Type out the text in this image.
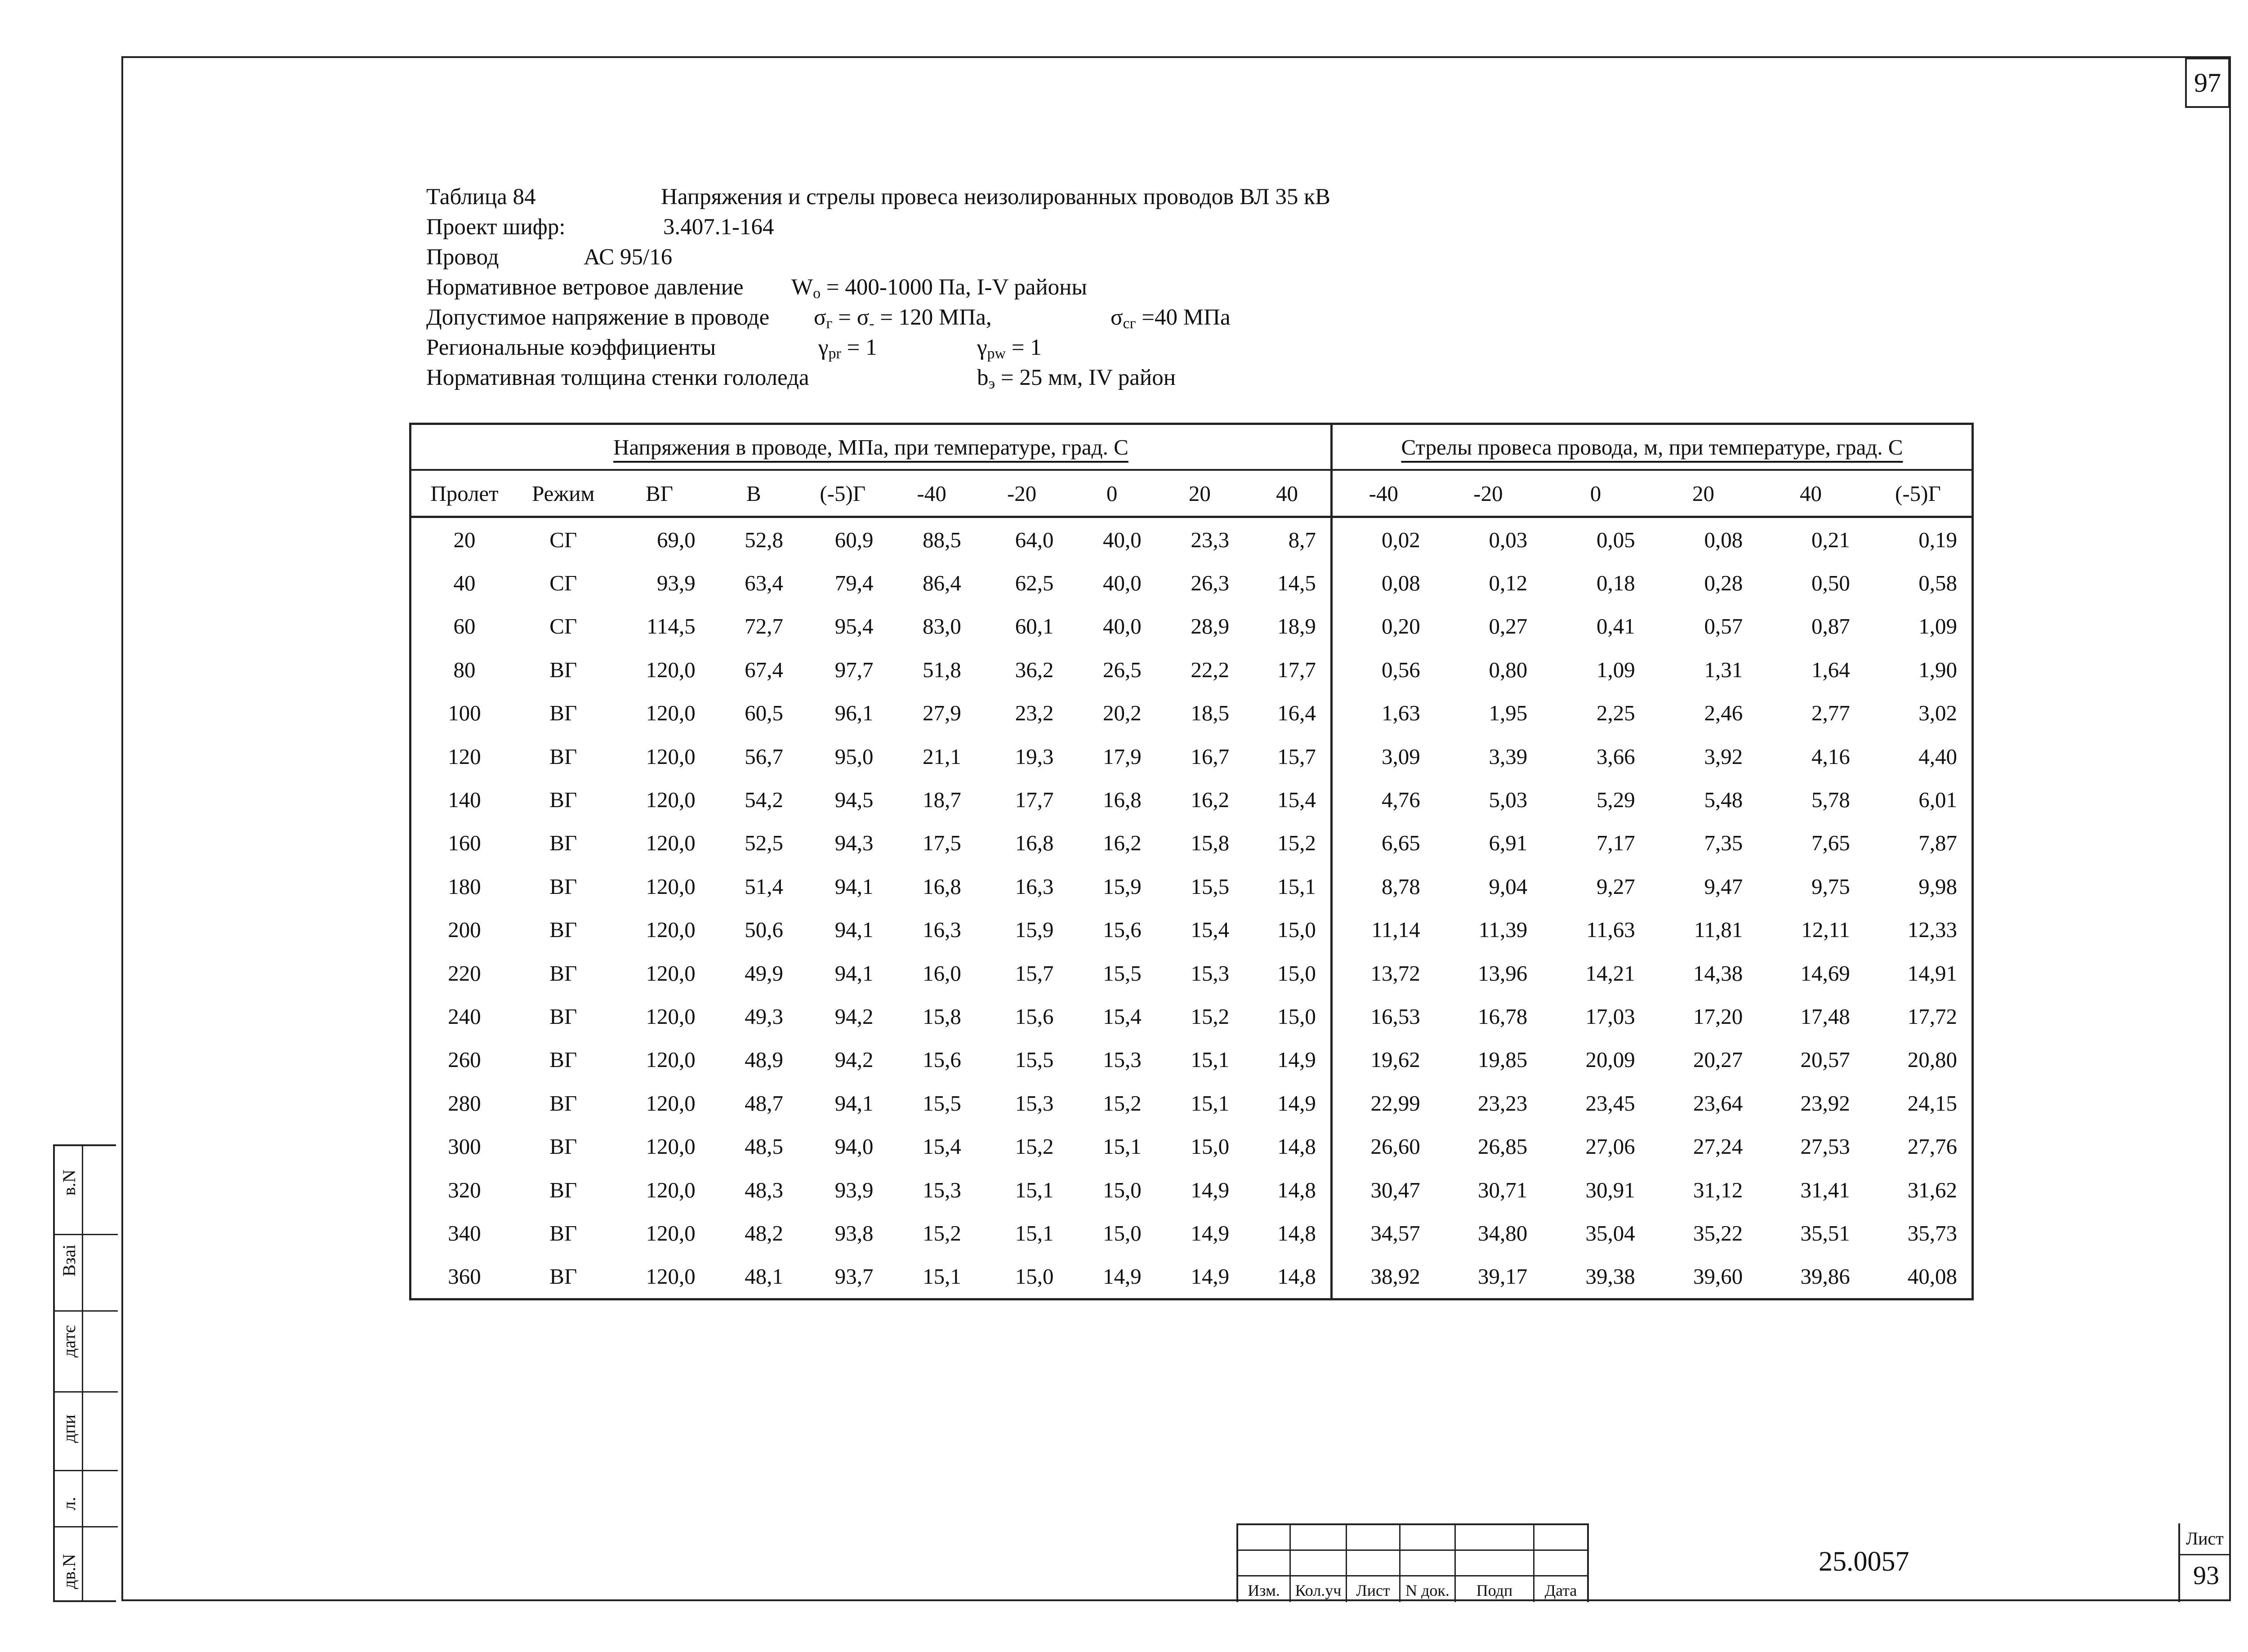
97
Таблица 84	Напряжения и стрелы провеса неизолированных проводов ВЛ 35 кВ
Проект шифр:	3.407.1-164
Провод	АС 95/16
Нормативное ветровое давление $W_о = 400-1000$ Па, I-V районы
Допустимое напряжение в проводе $\sigma_г = \sigma_- = 120$ МПа,	$\sigma_{сг} =40$ МПа
Региональные коэффициенты	$\gamma_{pr} = 1$	$\gamma_{pw} = 1$
Нормативная толщина стенки гололеда	$b_э = 25$ мм, IV район
Напряжения в проводе, МПа, при температуре, град. С										Стрелы провеса провода, м, при температуре, град. С					
Пролет	Режим	ВГ	В	(-5)Г	-40	-20	0	20	40	-40	-20	0	20	40	(-5)Г
20	СГ	69,0	52,8	60,9	88,5	64,0	40,0	23,3	8,7	0,02	0,03	0,05	0,08	0,21	0,19
40	СГ	93,9	63,4	79,4	86,4	62,5	40,0	26,3	14,5	0,08	0,12	0,18	0,28	0,50	0,58
60	СГ	114,5	72,7	95,4	83,0	60,1	40,0	28,9	18,9	0,20	0,27	0,41	0,57	0,87	1,09
80	ВГ	120,0	67,4	97,7	51,8	36,2	26,5	22,2	17,7	0,56	0,80	1,09	1,31	1,64	1,90
100	ВГ	120,0	60,5	96,1	27,9	23,2	20,2	18,5	16,4	1,63	1,95	2,25	2,46	2,77	3,02
120	ВГ	120,0	56,7	95,0	21,1	19,3	17,9	16,7	15,7	3,09	3,39	3,66	3,92	4,16	4,40
140	ВГ	120,0	54,2	94,5	18,7	17,7	16,8	16,2	15,4	4,76	5,03	5,29	5,48	5,78	6,01
160	ВГ	120,0	52,5	94,3	17,5	16,8	16,2	15,8	15,2	6,65	6,91	7,17	7,35	7,65	7,87
180	ВГ	120,0	51,4	94,1	16,8	16,3	15,9	15,5	15,1	8,78	9,04	9,27	9,47	9,75	9,98
200	ВГ	120,0	50,6	94,1	16,3	15,9	15,6	15,4	15,0	11,14	11,39	11,63	11,81	12,11	12,33
220	ВГ	120,0	49,9	94,1	16,0	15,7	15,5	15,3	15,0	13,72	13,96	14,21	14,38	14,69	14,91
240	ВГ	120,0	49,3	94,2	15,8	15,6	15,4	15,2	15,0	16,53	16,78	17,03	17,20	17,48	17,72
260	ВГ	120,0	48,9	94,2	15,6	15,5	15,3	15,1	14,9	19,62	19,85	20,09	20,27	20,57	20,80
280	ВГ	120,0	48,7	94,1	15,5	15,3	15,2	15,1	14,9	22,99	23,23	23,45	23,64	23,92	24,15
300	ВГ	120,0	48,5	94,0	15,4	15,2	15,1	15,0	14,8	26,60	26,85	27,06	27,24	27,53	27,76
320	ВГ	120,0	48,3	93,9	15,3	15,1	15,0	14,9	14,8	30,47	30,71	30,91	31,12	31,41	31,62
340	ВГ	120,0	48,2	93,8	15,2	15,1	15,0	14,9	14,8	34,57	34,80	35,04	35,22	35,51	35,73
360	ВГ	120,0	48,1	93,7	15,1	15,0	14,9	14,9	14,8	38,92	39,17	39,38	39,60	39,86	40,08
в.N
Взаі
датє
дпи
л.
дв.N
Изм. Кол.уч Лист N док.	Подп	Дата
25.0057
Лист
93
